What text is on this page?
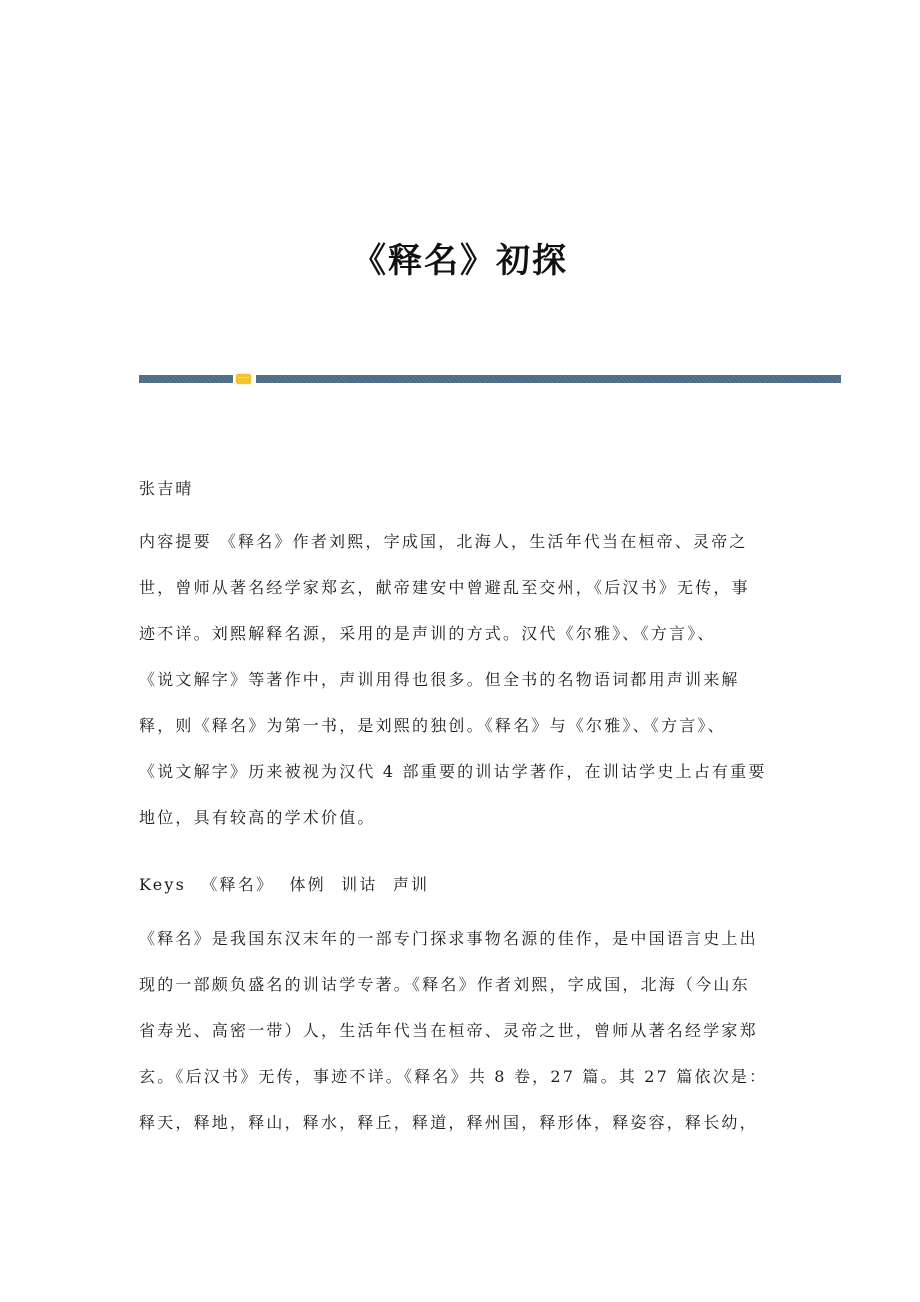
《释名》初探
张吉晴
内容提要 《释名》作者刘熙，字成国，北海人，生活年代当在桓帝、灵帝之
世，曾师从著名经学家郑玄，献帝建安中曾避乱至交州，《后汉书》无传，事
迹不详。刘熙解释名源，采用的是声训的方式。汉代《尔雅》、《方言》、
《说文解字》等著作中，声训用得也很多。但全书的名物语词都用声训来解
释，则《释名》为第一书，是刘熙的独创。《释名》与《尔雅》、《方言》、
《说文解字》历来被视为汉代 4 部重要的训诂学著作，在训诂学史上占有重要
地位，具有较高的学术价值。
Keys 《释名》 体例 训诂 声训
《释名》是我国东汉末年的一部专门探求事物名源的佳作，是中国语言史上出
现的一部颇负盛名的训诂学专著。《释名》作者刘熙，字成国，北海（今山东
省寿光、高密一带）人，生活年代当在桓帝、灵帝之世，曾师从著名经学家郑
玄。《后汉书》无传，事迹不详。《释名》共 8 卷，27 篇。其 27 篇依次是：
释天，释地，释山，释水，释丘，释道，释州国，释形体，释姿容，释长幼，
